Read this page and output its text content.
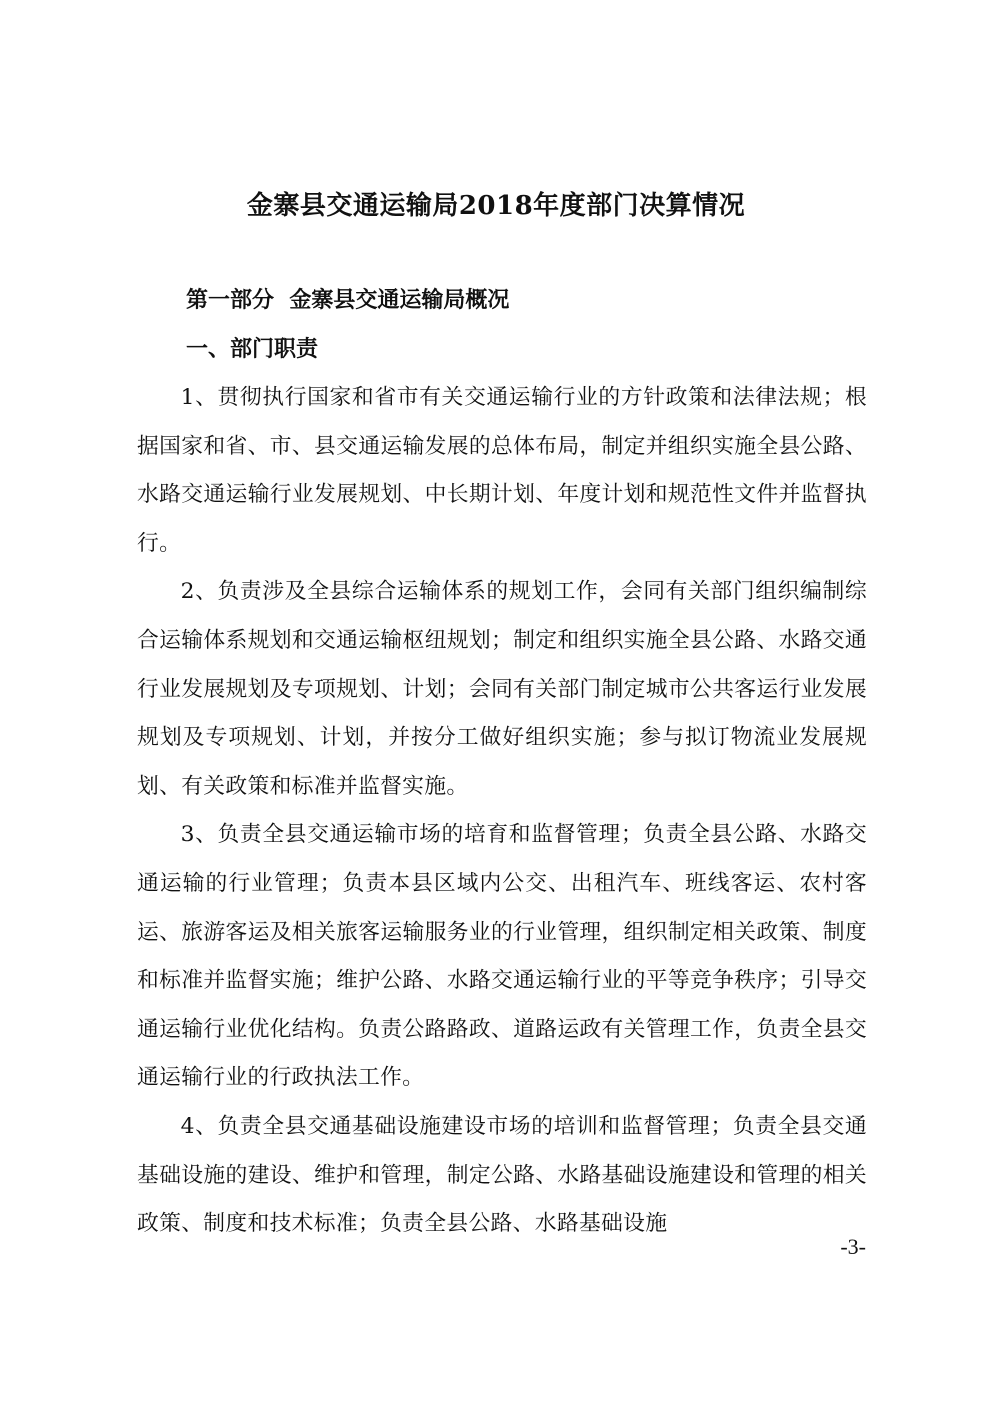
金寨县交通运输局2018年度部门决算情况
第一部分  金寨县交通运输局概况
一、部门职责

1、贯彻执行国家和省市有关交通运输行业的方针政策和法律法规；根据国家和省、市、县交通运输发展的总体布局，制定并组织实施全县公路、水路交通运输行业发展规划、中长期计划、年度计划和规范性文件并监督执行。

2、负责涉及全县综合运输体系的规划工作，会同有关部门组织编制综合运输体系规划和交通运输枢纽规划；制定和组织实施全县公路、水路交通行业发展规划及专项规划、计划；会同有关部门制定城市公共客运行业发展规划及专项规划、计划，并按分工做好组织实施；参与拟订物流业发展规划、有关政策和标准并监督实施。

3、负责全县交通运输市场的培育和监督管理；负责全县公路、水路交通运输的行业管理；负责本县区域内公交、出租汽车、班线客运、农村客运、旅游客运及相关旅客运输服务业的行业管理，组织制定相关政策、制度和标准并监督实施；维护公路、水路交通运输行业的平等竞争秩序；引导交通运输行业优化结构。负责公路路政、道路运政有关管理工作，负责全县交通运输行业的行政执法工作。

4、负责全县交通基础设施建设市场的培训和监督管理；负责全县交通基础设施的建设、维护和管理，制定公路、水路基础设施建设和管理的相关政策、制度和技术标准；负责全县公路、水路基础设施

-3-
